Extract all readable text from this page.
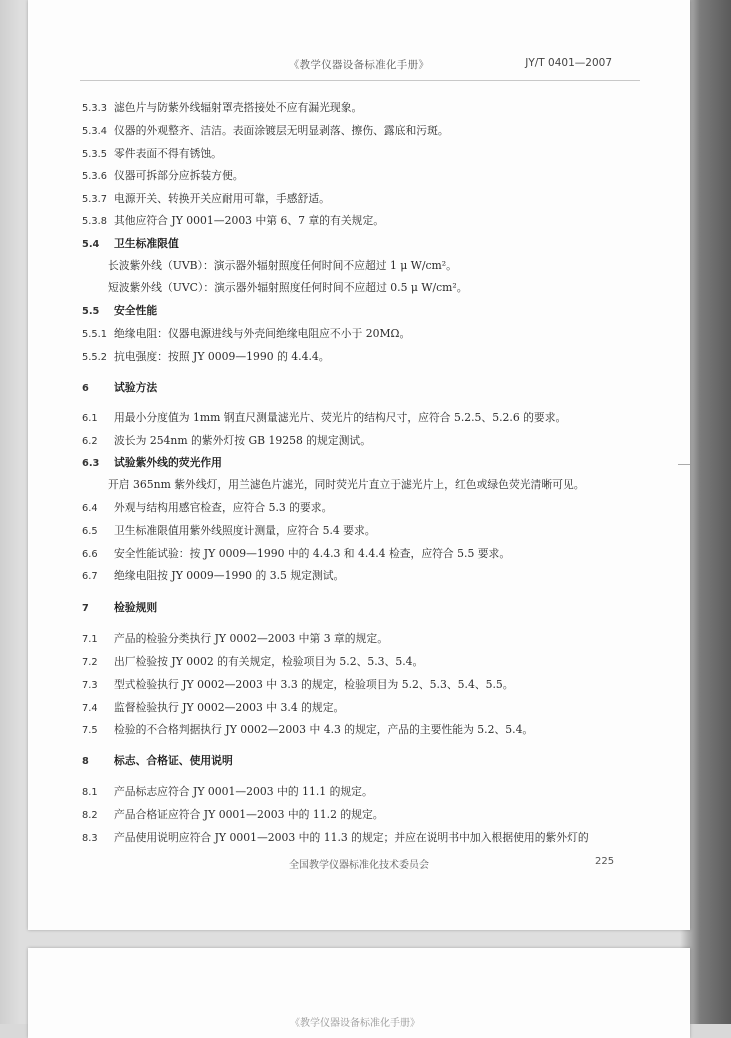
《教学仪器设备标准化手册》	JY/T 0401—2007
5.3.3 滤色片与防紫外线辐射罩壳搭接处不应有漏光现象。
5.3.4 仪器的外观整齐、洁洁。表面涂镀层无明显剥落、擦伤、露底和污斑。
5.3.5 零件表面不得有锈蚀。
5.3.6 仪器可拆部分应拆装方便。
5.3.7 电源开关、转换开关应耐用可靠，手感舒适。
5.3.8 其他应符合 JY 0001—2003 中第 6、7 章的有关规定。
5.4 卫生标准限值
长波紫外线（UVB）：演示器外辐射照度任何时间不应超过 1 μ W/cm²。
短波紫外线（UVC）：演示器外辐射照度任何时间不应超过 0.5 μ W/cm²。
5.5 安全性能
5.5.1 绝缘电阻：仪器电源进线与外壳间绝缘电阻应不小于 20MΩ。
5.5.2 抗电强度：按照 JY 0009—1990 的 4.4.4。
6 试验方法
6.1 用最小分度值为 1mm 钢直尺测量滤光片、荧光片的结构尺寸，应符合 5.2.5、5.2.6 的要求。
6.2 波长为 254nm 的紫外灯按 GB 19258 的规定测试。
6.3 试验紫外线的荧光作用
开启 365nm 紫外线灯，用兰滤色片滤光，同时荧光片直立于滤光片上，红色或绿色荧光清晰可见。
6.4 外观与结构用感官检查，应符合 5.3 的要求。
6.5 卫生标准限值用紫外线照度计测量，应符合 5.4 要求。
6.6 安全性能试验：按 JY 0009—1990 中的 4.4.3 和 4.4.4 检查，应符合 5.5 要求。
6.7 绝缘电阻按 JY 0009—1990 的 3.5 规定测试。
7 检验规则
7.1 产品的检验分类执行 JY 0002—2003 中第 3 章的规定。
7.2 出厂检验按 JY 0002 的有关规定，检验项目为 5.2、5.3、5.4。
7.3 型式检验执行 JY 0002—2003 中 3.3 的规定，检验项目为 5.2、5.3、5.4、5.5。
7.4 监督检验执行 JY 0002—2003 中 3.4 的规定。
7.5 检验的不合格判据执行 JY 0002—2003 中 4.3 的规定，产品的主要性能为 5.2、5.4。
8 标志、合格证、使用说明
8.1 产品标志应符合 JY 0001—2003 中的 11.1 的规定。
8.2 产品合格证应符合 JY 0001—2003 中的 11.2 的规定。
8.3 产品使用说明应符合 JY 0001—2003 中的 11.3 的规定；并应在说明书中加入根据使用的紫外灯的
全国教学仪器标准化技术委员会	225
《教学仪器设备标准化手册》
